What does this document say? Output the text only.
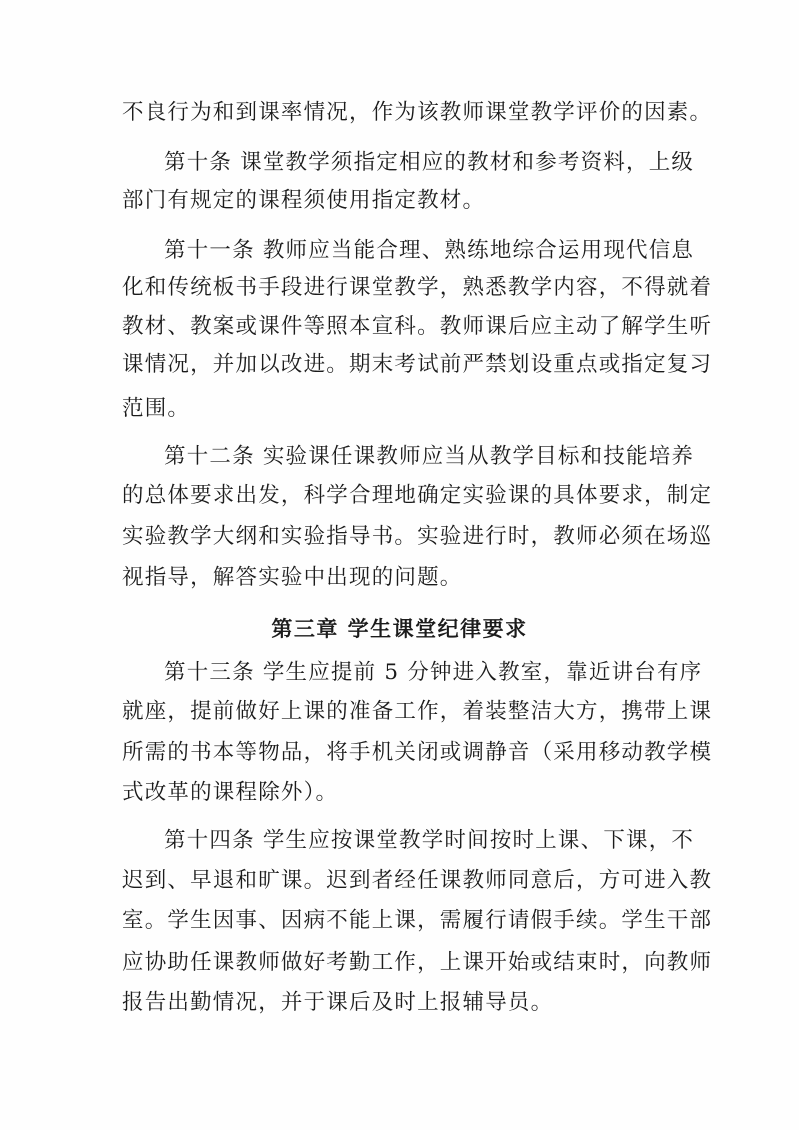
不良行为和到课率情况，作为该教师课堂教学评价的因素。
第十条 课堂教学须指定相应的教材和参考资料，上级
部门有规定的课程须使用指定教材。
第十一条 教师应当能合理、熟练地综合运用现代信息
化和传统板书手段进行课堂教学，熟悉教学内容，不得就着
教材、教案或课件等照本宣科。教师课后应主动了解学生听
课情况，并加以改进。期末考试前严禁划设重点或指定复习
范围。
第十二条 实验课任课教师应当从教学目标和技能培养
的总体要求出发，科学合理地确定实验课的具体要求，制定
实验教学大纲和实验指导书。实验进行时，教师必须在场巡
视指导，解答实验中出现的问题。
第三章 学生课堂纪律要求
第十三条 学生应提前 5 分钟进入教室，靠近讲台有序
就座，提前做好上课的准备工作，着装整洁大方，携带上课
所需的书本等物品，将手机关闭或调静音（采用移动教学模
式改革的课程除外）。
第十四条 学生应按课堂教学时间按时上课、下课，不
迟到、早退和旷课。迟到者经任课教师同意后，方可进入教
室。学生因事、因病不能上课，需履行请假手续。学生干部
应协助任课教师做好考勤工作，上课开始或结束时，向教师
报告出勤情况，并于课后及时上报辅导员。
